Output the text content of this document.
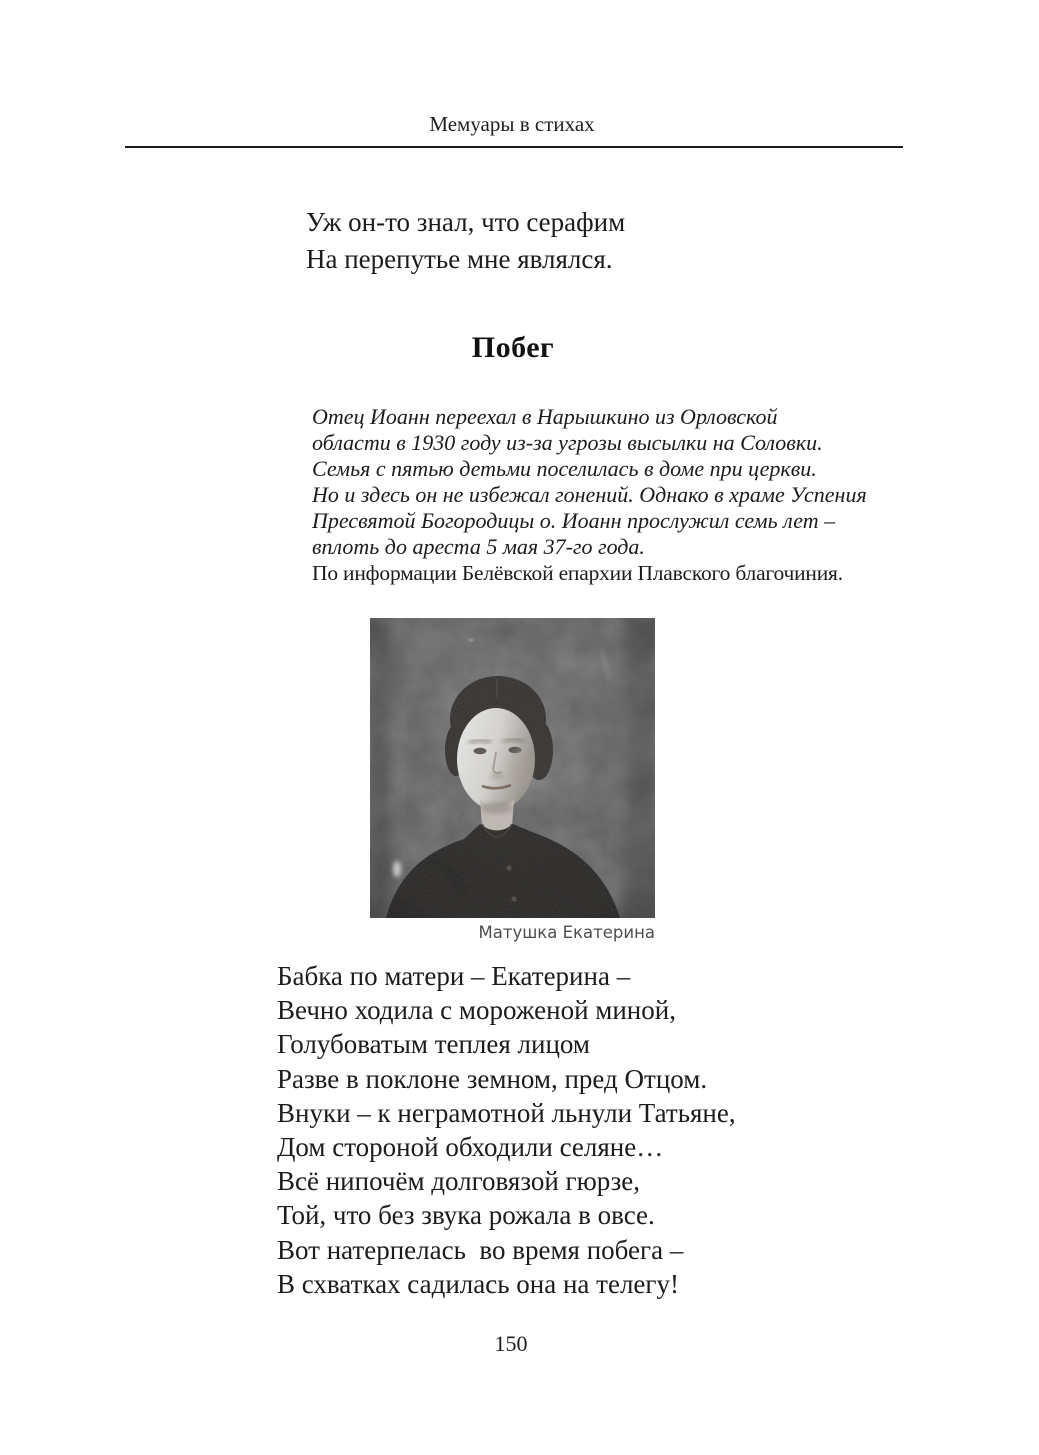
Мемуары в стихах
Уж он-то знал, что серафим
На перепутье мне являлся.
Побег
Отец Иоанн переехал в Нарышкино из Орловской
области в 1930 году из-за угрозы высылки на Соловки.
Семья с пятью детьми поселилась в доме при церкви.
Но и здесь он не избежал гонений. Однако в храме Успения
Пресвятой Богородицы о. Иоанн прослужил семь лет –
вплоть до ареста 5 мая 37-го года.
По информации Белёвской епархии Плавского благочиния.
Матушка Екатерина
Бабка по матери – Екатерина –
Вечно ходила с мороженой миной,
Голубоватым теплея лицом
Разве в поклоне земном, пред Отцом.
Внуки – к неграмотной льнули Татьяне,
Дом стороной обходили селяне…
Всё нипочём долговязой гюрзе,
Той, что без звука рожала в овсе.
Вот натерпелась  во время побега –
В схватках садилась она на телегу!
150
